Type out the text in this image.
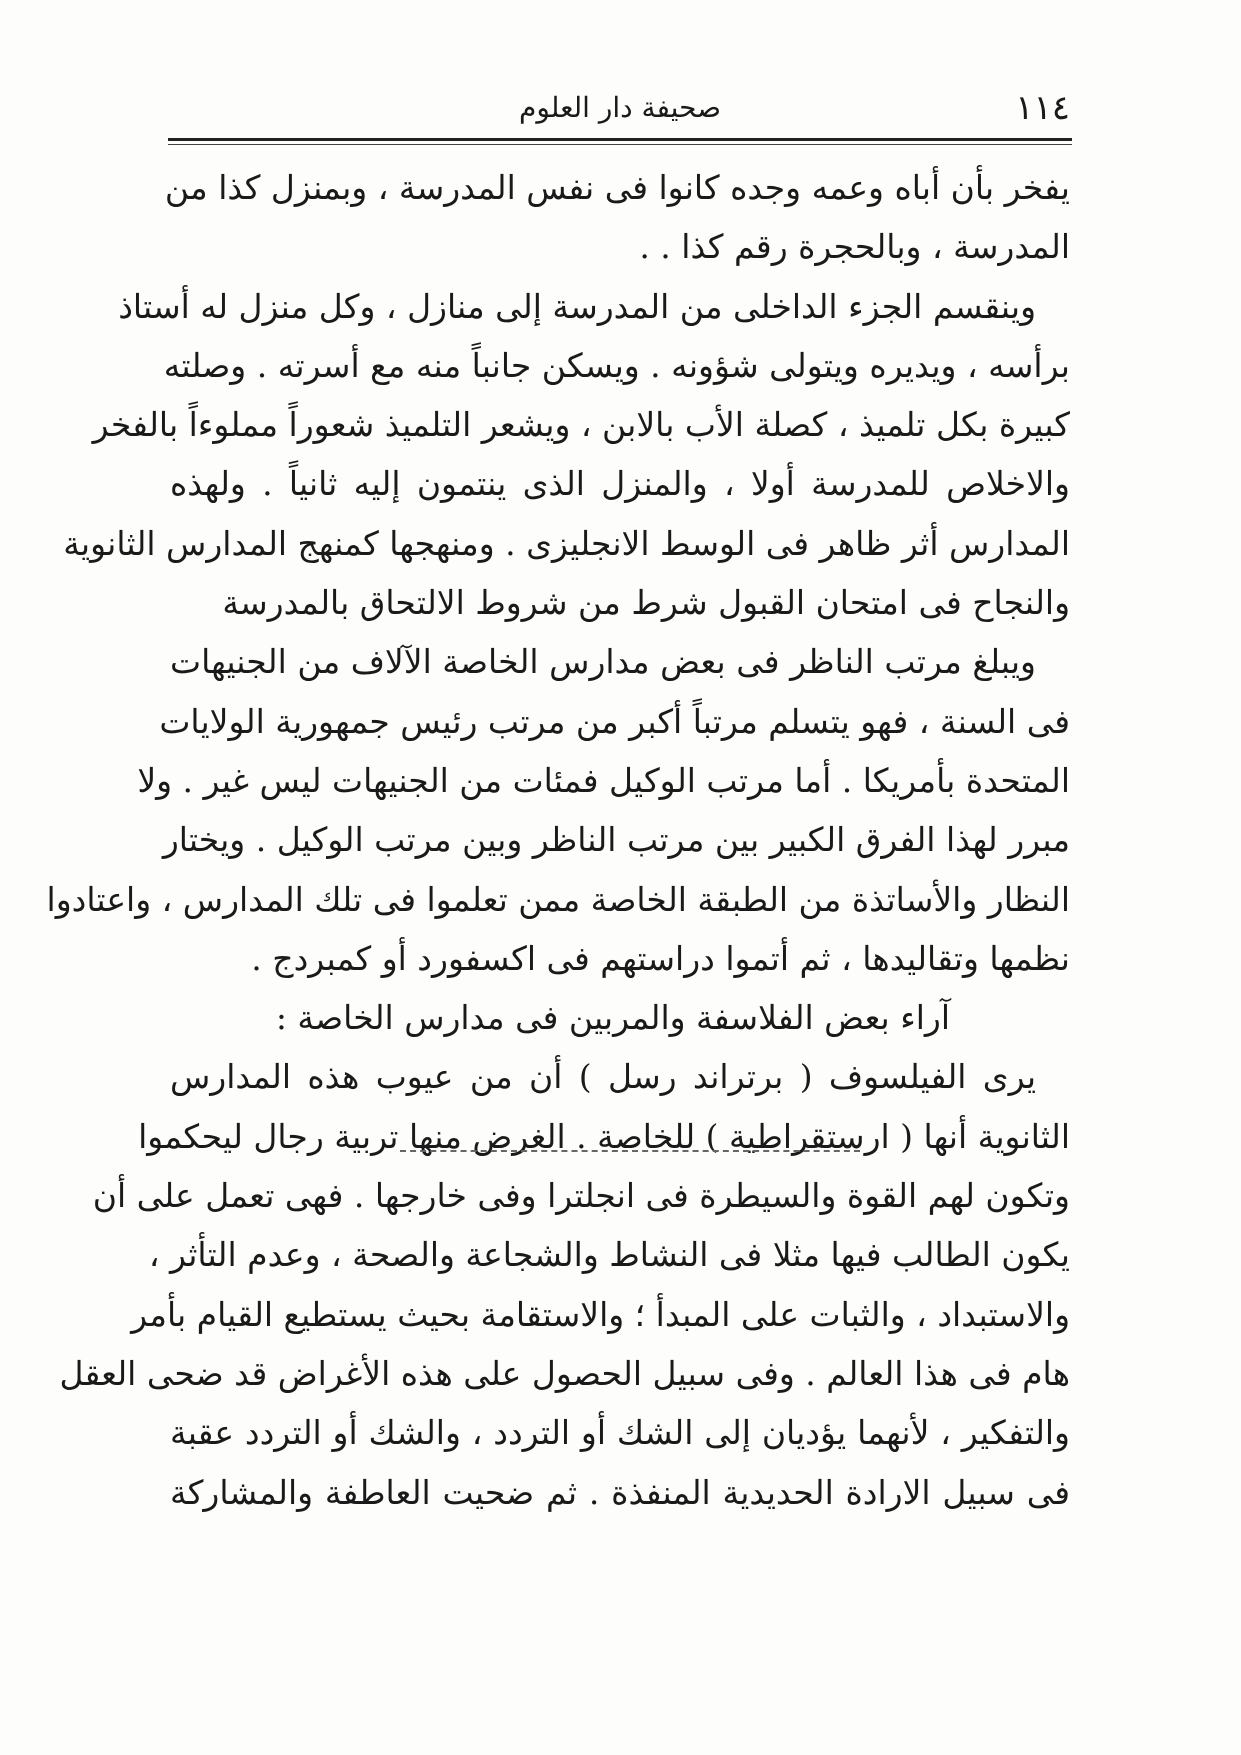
١١٤
صحيفة دار العلوم
يفخر بأن أباه وعمه وجده كانوا فى نفس المدرسة ، وبمنزل كذا من
المدرسة ، وبالحجرة رقم كذا . .
وينقسم الجزء الداخلى من المدرسة إلى منازل ، وكل منزل له أستاذ
برأسه ، ويديره ويتولى شؤونه . ويسكن جانباً منه مع أسرته . وصلته
كبيرة بكل تلميذ ، كصلة الأب بالابن ، ويشعر التلميذ شعوراً مملوءاً بالفخر
والاخلاص للمدرسة أولا ، والمنزل الذى ينتمون إليه ثانياً . ولهذه
المدارس أثر ظاهر فى الوسط الانجليزى . ومنهجها كمنهج المدارس الثانوية
والنجاح فى امتحان القبول شرط من شروط الالتحاق بالمدرسة
ويبلغ مرتب الناظر فى بعض مدارس الخاصة الآلاف من الجنيهات
فى السنة ، فهو يتسلم مرتباً أكبر من مرتب رئيس جمهورية الولايات
المتحدة بأمريكا . أما مرتب الوكيل فمئات من الجنيهات ليس غير . ولا
مبرر لهذا الفرق الكبير بين مرتب الناظر وبين مرتب الوكيل . ويختار
النظار والأساتذة من الطبقة الخاصة ممن تعلموا فى تلك المدارس ، واعتادوا
نظمها وتقاليدها ، ثم أتموا دراستهم فى اكسفورد أو كمبردج .
آراء بعض الفلاسفة والمربين فى مدارس الخاصة :
يرى الفيلسوف ( برتراند رسل ) أن من عيوب هذه المدارس
الثانوية أنها ( ارستقراطية ) للخاصة . الغرض منها تربية رجال ليحكموا
وتكون لهم القوة والسيطرة فى انجلترا وفى خارجها . فهى تعمل على أن
يكون الطالب فيها مثلا فى النشاط والشجاعة والصحة ، وعدم التأثر ،
والاستبداد ، والثبات على المبدأ ؛ والاستقامة بحيث يستطيع القيام بأمر
هام فى هذا العالم . وفى سبيل الحصول على هذه الأغراض قد ضحى العقل
والتفكير ، لأنهما يؤديان إلى الشك أو التردد ، والشك أو التردد عقبة
فى سبيل الارادة الحديدية المنفذة . ثم ضحيت العاطفة والمشاركة
